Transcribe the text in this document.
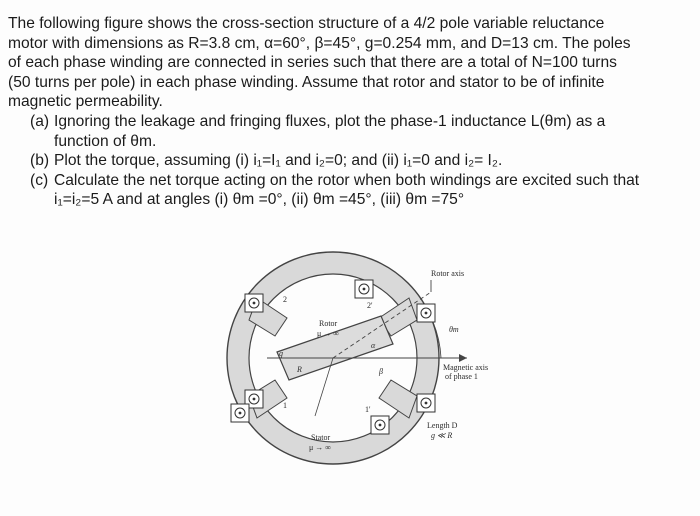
The following figure shows the cross-section structure of a 4/2 pole variable reluctance

motor with dimensions as R=3.8 cm, α=60°, β=45°, g=0.254 mm, and D=13 cm. The poles

of each phase winding are connected in series such that there are a total of N=100 turns

(50 turns per pole) in each phase winding. Assume that rotor and stator to be of infinite

magnetic permeability.

(a) Ignoring the leakage and fringing fluxes, plot the phase-1 inductance L(θm) as a

function of θm.

(b) Plot the torque, assuming (i) i₁=I₁ and i₂=0; and (ii) i₁=0 and i₂= I₂.

(c) Calculate the net torque acting on the rotor when both windings are excited such that

i₁=i₂=5 A and at angles (i) θm =0°, (ii) θm =45°, (iii) θm =75°

Rotor axis
θm
Magnetic axis
of phase 1
Length D
g ≪ R
Rotor
μ → ∞
Stator
μ → ∞
g
R
α
β
2
2'
1	1'
